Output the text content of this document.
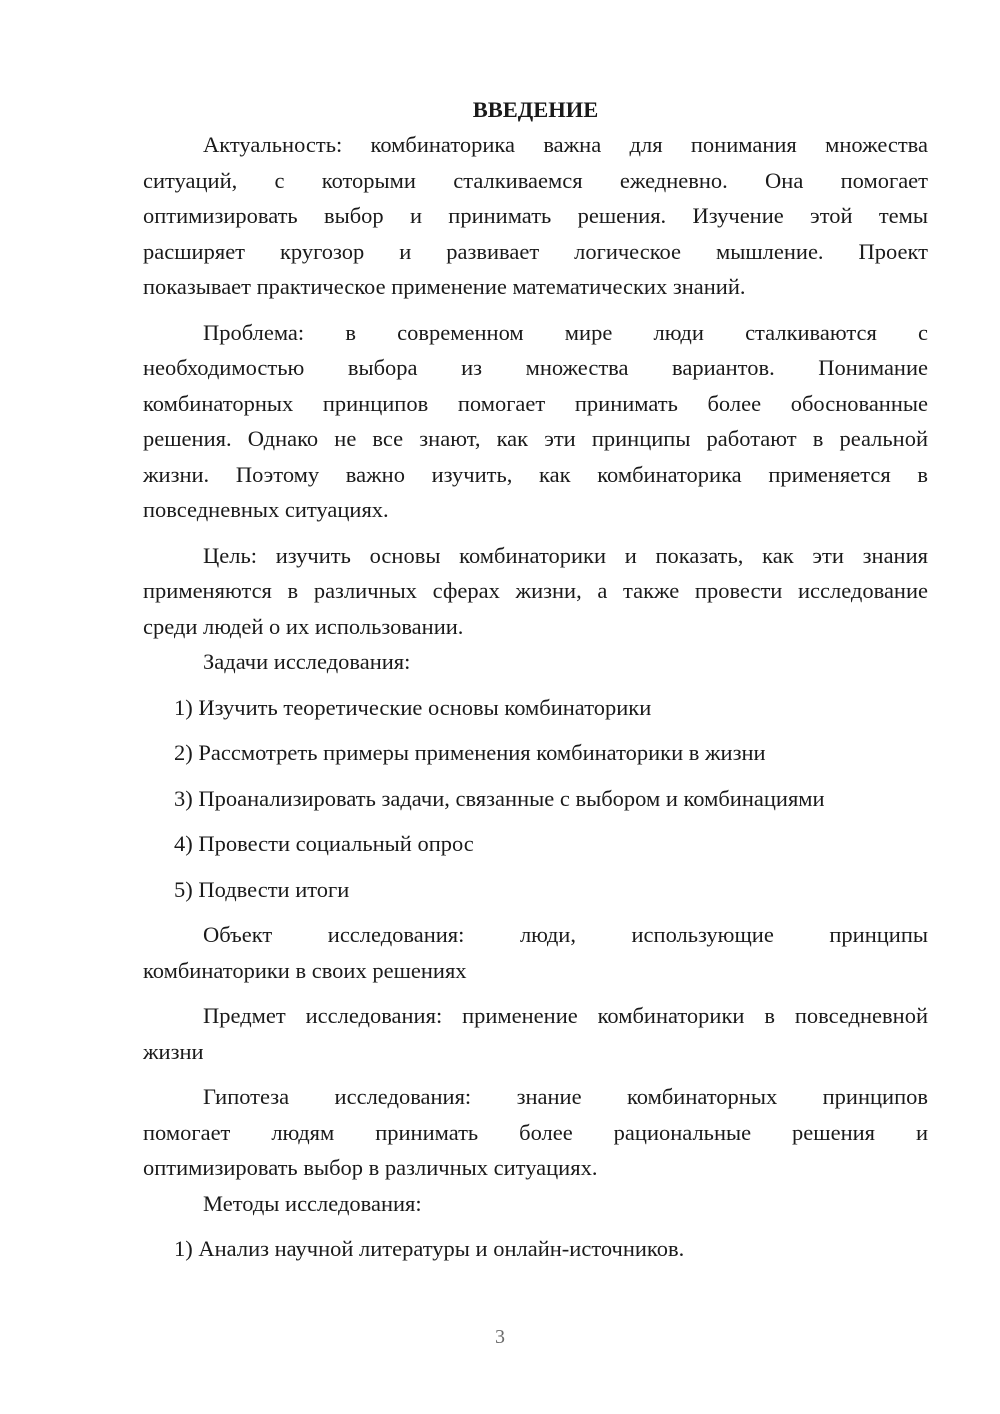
ВВЕДЕНИЕ
Актуальность: комбинаторика важна для понимания множества
ситуаций, с которыми сталкиваемся ежедневно. Она помогает
оптимизировать выбор и принимать решения. Изучение этой темы
расширяет кругозор и развивает логическое мышление. Проект
показывает практическое применение математических знаний.
Проблема: в современном мире люди сталкиваются с
необходимостью выбора из множества вариантов. Понимание
комбинаторных принципов помогает принимать более обоснованные
решения. Однако не все знают, как эти принципы работают в реальной
жизни. Поэтому важно изучить, как комбинаторика применяется в
повседневных ситуациях.
Цель: изучить основы комбинаторики и показать, как эти знания
применяются в различных сферах жизни, а также провести исследование
среди людей о их использовании.
Задачи исследования:
1) Изучить теоретические основы комбинаторики
2) Рассмотреть примеры применения комбинаторики в жизни
3) Проанализировать задачи, связанные с выбором и комбинациями
4) Провести социальный опрос
5) Подвести итоги
Объект исследования: люди, использующие принципы
комбинаторики в своих решениях
Предмет исследования: применение комбинаторики в повседневной
жизни
Гипотеза исследования: знание комбинаторных принципов
помогает людям принимать более рациональные решения и
оптимизировать выбор в различных ситуациях.
Методы исследования:
1) Анализ научной литературы и онлайн-источников.
3
